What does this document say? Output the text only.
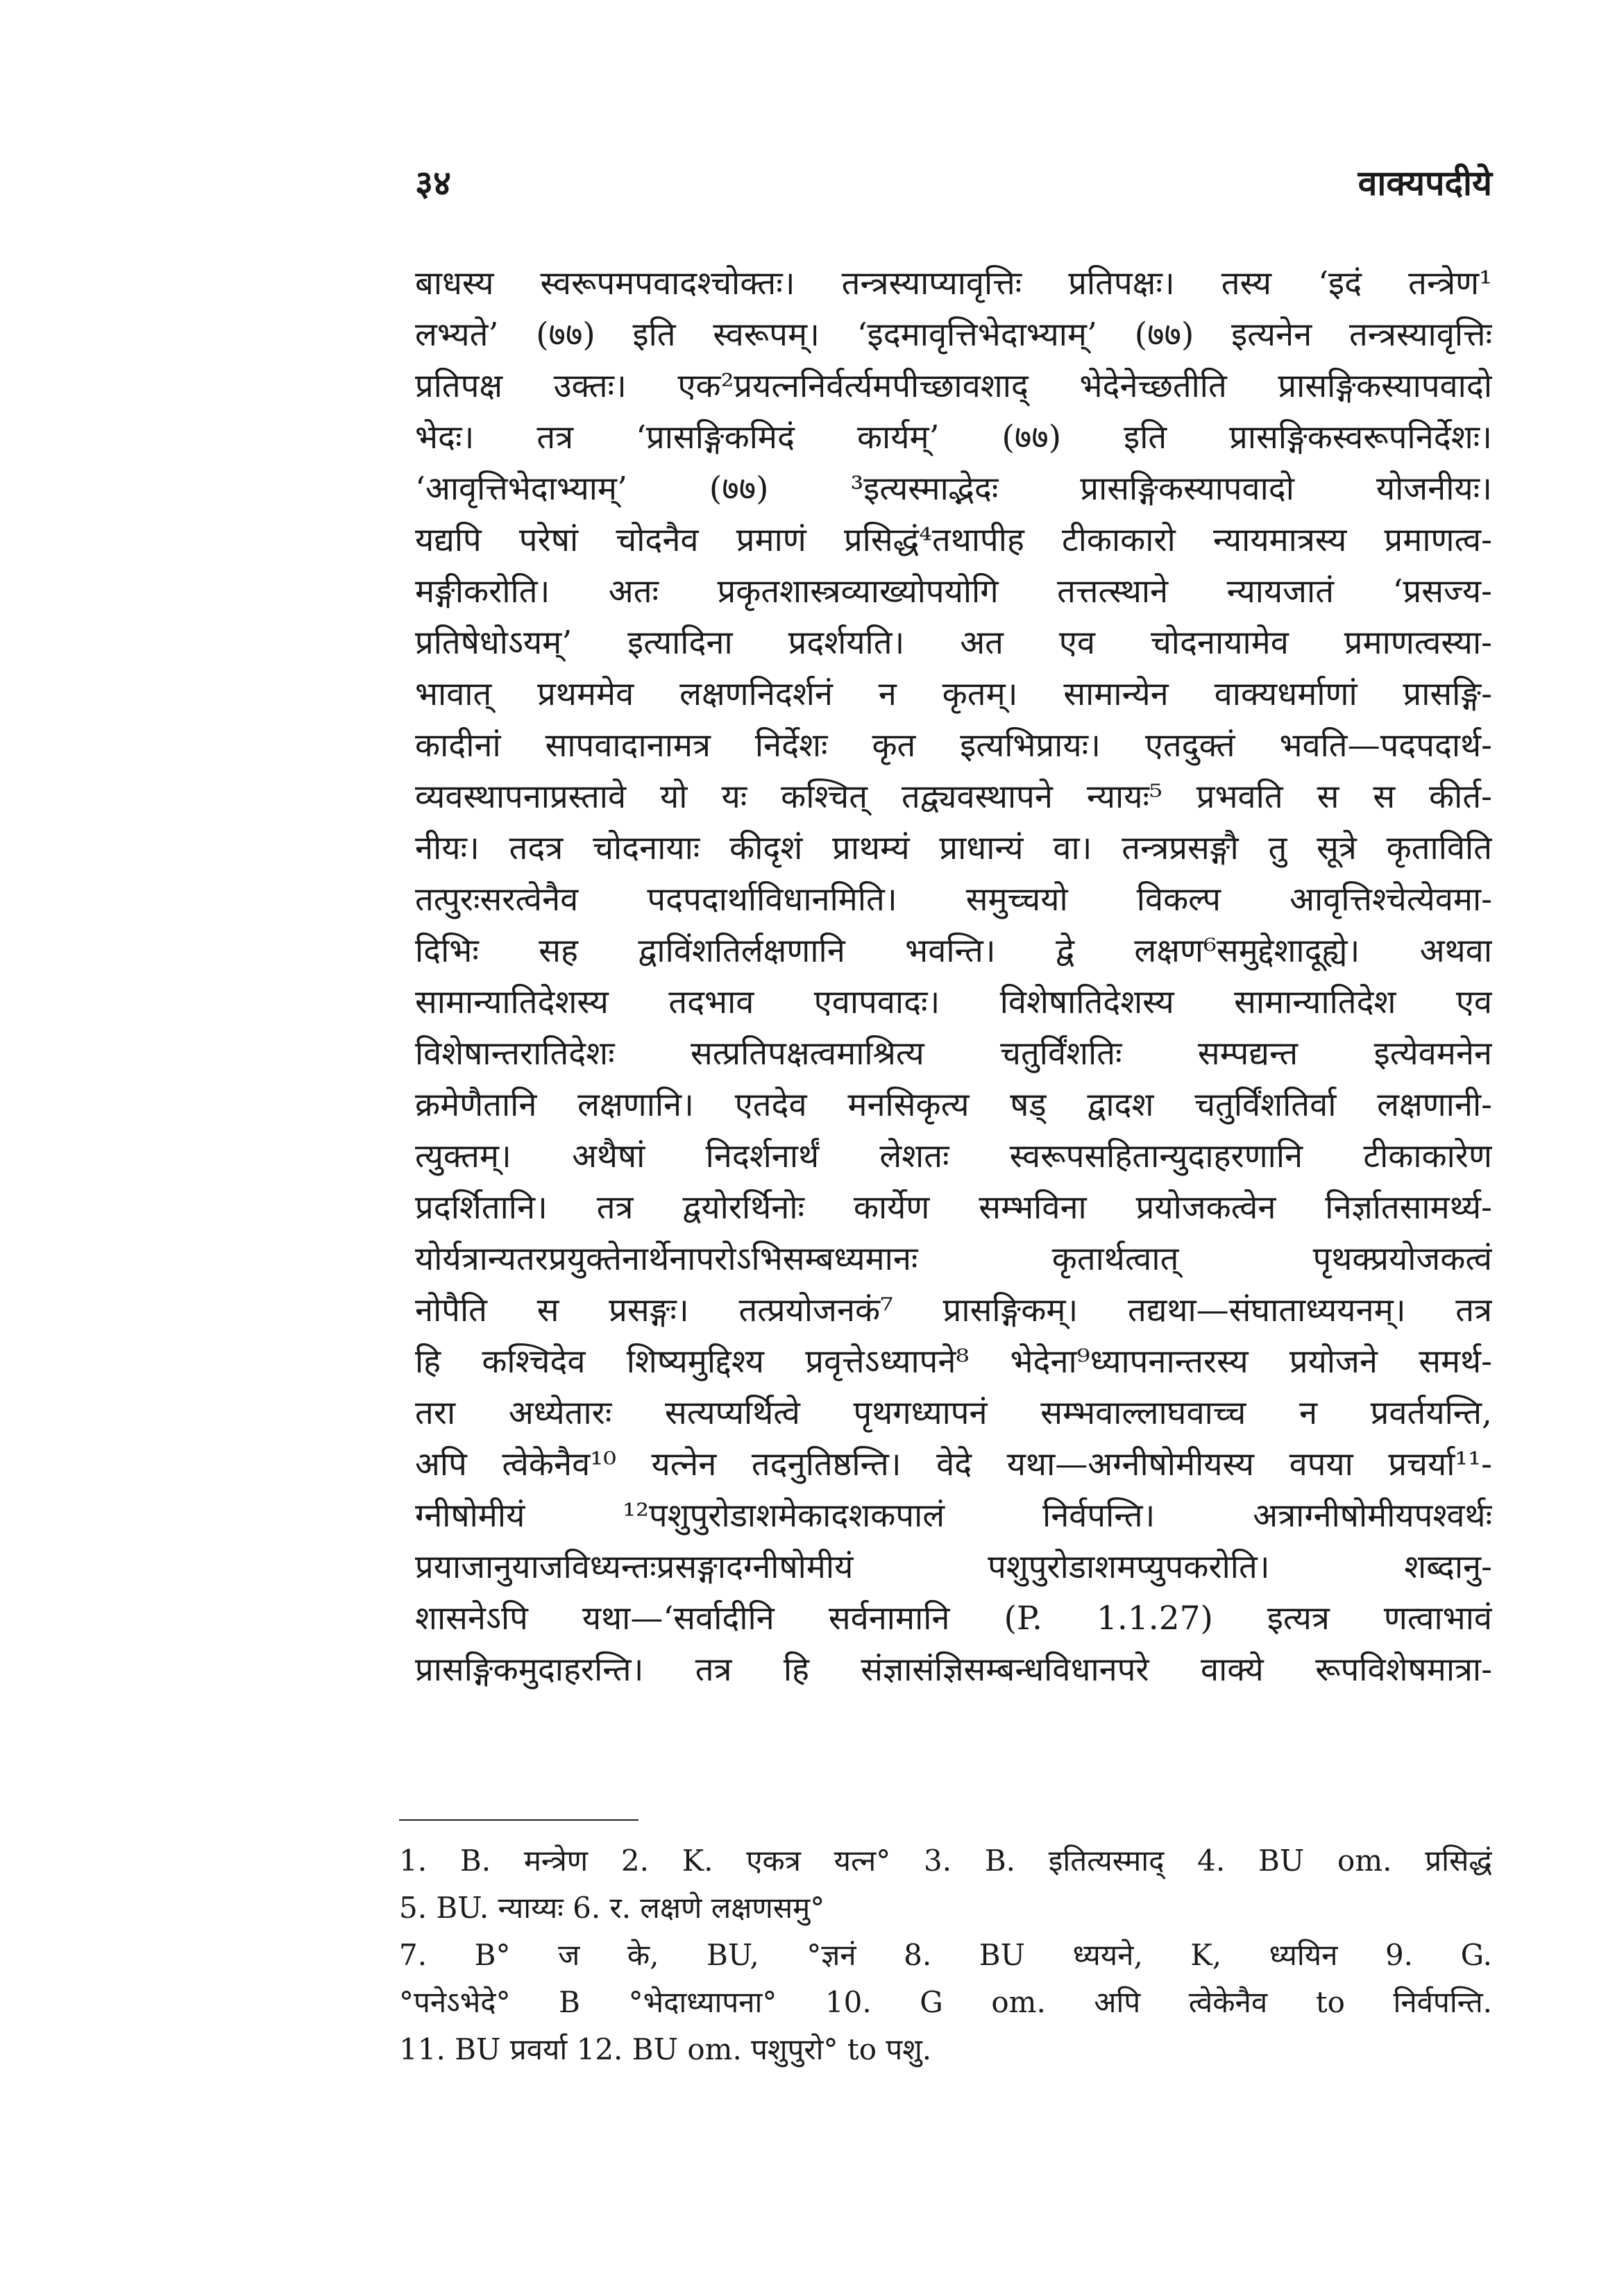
३४	वाक्यपदीये
बाधस्य स्वरूपमपवादश्चोक्तः। तन्त्रस्याप्यावृत्तिः प्रतिपक्षः। तस्य ‘इदं तन्त्रेण¹
लभ्यते’ (७७) इति स्वरूपम्। ‘इदमावृत्तिभेदाभ्याम्’ (७७) इत्यनेन तन्त्रस्यावृत्तिः
प्रतिपक्ष उक्तः। एक²प्रयत्ननिर्वर्त्यमपीच्छावशाद् भेदेनेच्छतीति प्रासङ्गिकस्यापवादो
भेदः। तत्र ‘प्रासङ्गिकमिदं कार्यम्’ (७७) इति प्रासङ्गिकस्वरूपनिर्देशः।
‘आवृत्तिभेदाभ्याम्’ (७७) ³इत्यस्माद्भेदः प्रासङ्गिकस्यापवादो योजनीयः।
यद्यपि परेषां चोदनैव प्रमाणं प्रसिद्धं⁴तथापीह टीकाकारो न्यायमात्रस्य प्रमाणत्व-
मङ्गीकरोति। अतः प्रकृतशास्त्रव्याख्योपयोगि तत्तत्स्थाने न्यायजातं ‘प्रसज्य-
प्रतिषेधोऽयम्’ इत्यादिना प्रदर्शयति। अत एव चोदनायामेव प्रमाणत्वस्या-
भावात् प्रथममेव लक्षणनिदर्शनं न कृतम्। सामान्येन वाक्यधर्माणां प्रासङ्गि-
कादीनां सापवादानामत्र निर्देशः कृत इत्यभिप्रायः। एतदुक्तं भवति—पदपदार्थ-
व्यवस्थापनाप्रस्तावे यो यः कश्चित् तद्व्यवस्थापने न्यायः⁵ प्रभवति स स कीर्त-
नीयः। तदत्र चोदनायाः कीदृशं प्राथम्यं प्राधान्यं वा। तन्त्रप्रसङ्गौ तु सूत्रे कृताविति
तत्पुरःसरत्वेनैव पदपदार्थाविधानमिति। समुच्चयो विकल्प आवृत्तिश्चेत्येवमा-
दिभिः सह द्वाविंशतिर्लक्षणानि भवन्ति। द्वे लक्षण⁶समुद्देशादूह्ये। अथवा
सामान्यातिदेशस्य तदभाव एवापवादः। विशेषातिदेशस्य सामान्यातिदेश एव
विशेषान्तरातिदेशः सत्प्रतिपक्षत्वमाश्रित्य चतुर्विंशतिः सम्पद्यन्त इत्येवमनेन
क्रमेणैतानि लक्षणानि। एतदेव मनसिकृत्य षड् द्वादश चतुर्विंशतिर्वा लक्षणानी-
त्युक्तम्। अथैषां निदर्शनार्थं लेशतः स्वरूपसहितान्युदाहरणानि टीकाकारेण
प्रदर्शितानि। तत्र द्वयोरर्थिनोः कार्येण सम्भविना प्रयोजकत्वेन निर्ज्ञातसामर्थ्य-
योर्यत्रान्यतरप्रयुक्तेनार्थेनापरोऽभिसम्बध्यमानः कृतार्थत्वात् पृथक्प्रयोजकत्वं
नोपैति स प्रसङ्गः। तत्प्रयोजनकं⁷ प्रासङ्गिकम्। तद्यथा—संघाताध्ययनम्। तत्र
हि कश्चिदेव शिष्यमुद्दिश्य प्रवृत्तेऽध्यापने⁸ भेदेना⁹ध्यापनान्तरस्य प्रयोजने समर्थ-
तरा अध्येतारः सत्यप्यर्थित्वे पृथगध्यापनं सम्भवाल्लाघवाच्च न प्रवर्तयन्ति,
अपि त्वेकेनैव¹⁰ यत्नेन तदनुतिष्ठन्ति। वेदे यथा—अग्नीषोमीयस्य वपया प्रचर्या¹¹-
ग्नीषोमीयं ¹²पशुपुरोडाशमेकादशकपालं निर्वपन्ति। अत्राग्नीषोमीयपश्वर्थः
प्रयाजानुयाजविध्यन्तःप्रसङ्गादग्नीषोमीयं पशुपुरोडाशमप्युपकरोति। शब्दानु-
शासनेऽपि यथा—‘सर्वादीनि सर्वनामानि (P. 1.1.27) इत्यत्र णत्वाभावं
प्रासङ्गिकमुदाहरन्ति। तत्र हि संज्ञासंज्ञिसम्बन्धविधानपरे वाक्ये रूपविशेषमात्रा-
1. B. मन्त्रेण 2. K. एकत्र यत्न° 3. B. इतित्यस्माद् 4. BU om. प्रसिद्धं
5. BU. न्याय्यः 6. र. लक्षणे लक्षणसमु°
7. B° ज के, BU, °ज्ञनं 8. BU ध्ययने, K, ध्ययिन 9. G.
°पनेऽभेदे° B °भेदाध्यापना° 10. G om. अपि त्वेकेनैव to निर्वपन्ति.
11. BU प्रवर्या 12. BU om. पशुपुरो° to पशु.
